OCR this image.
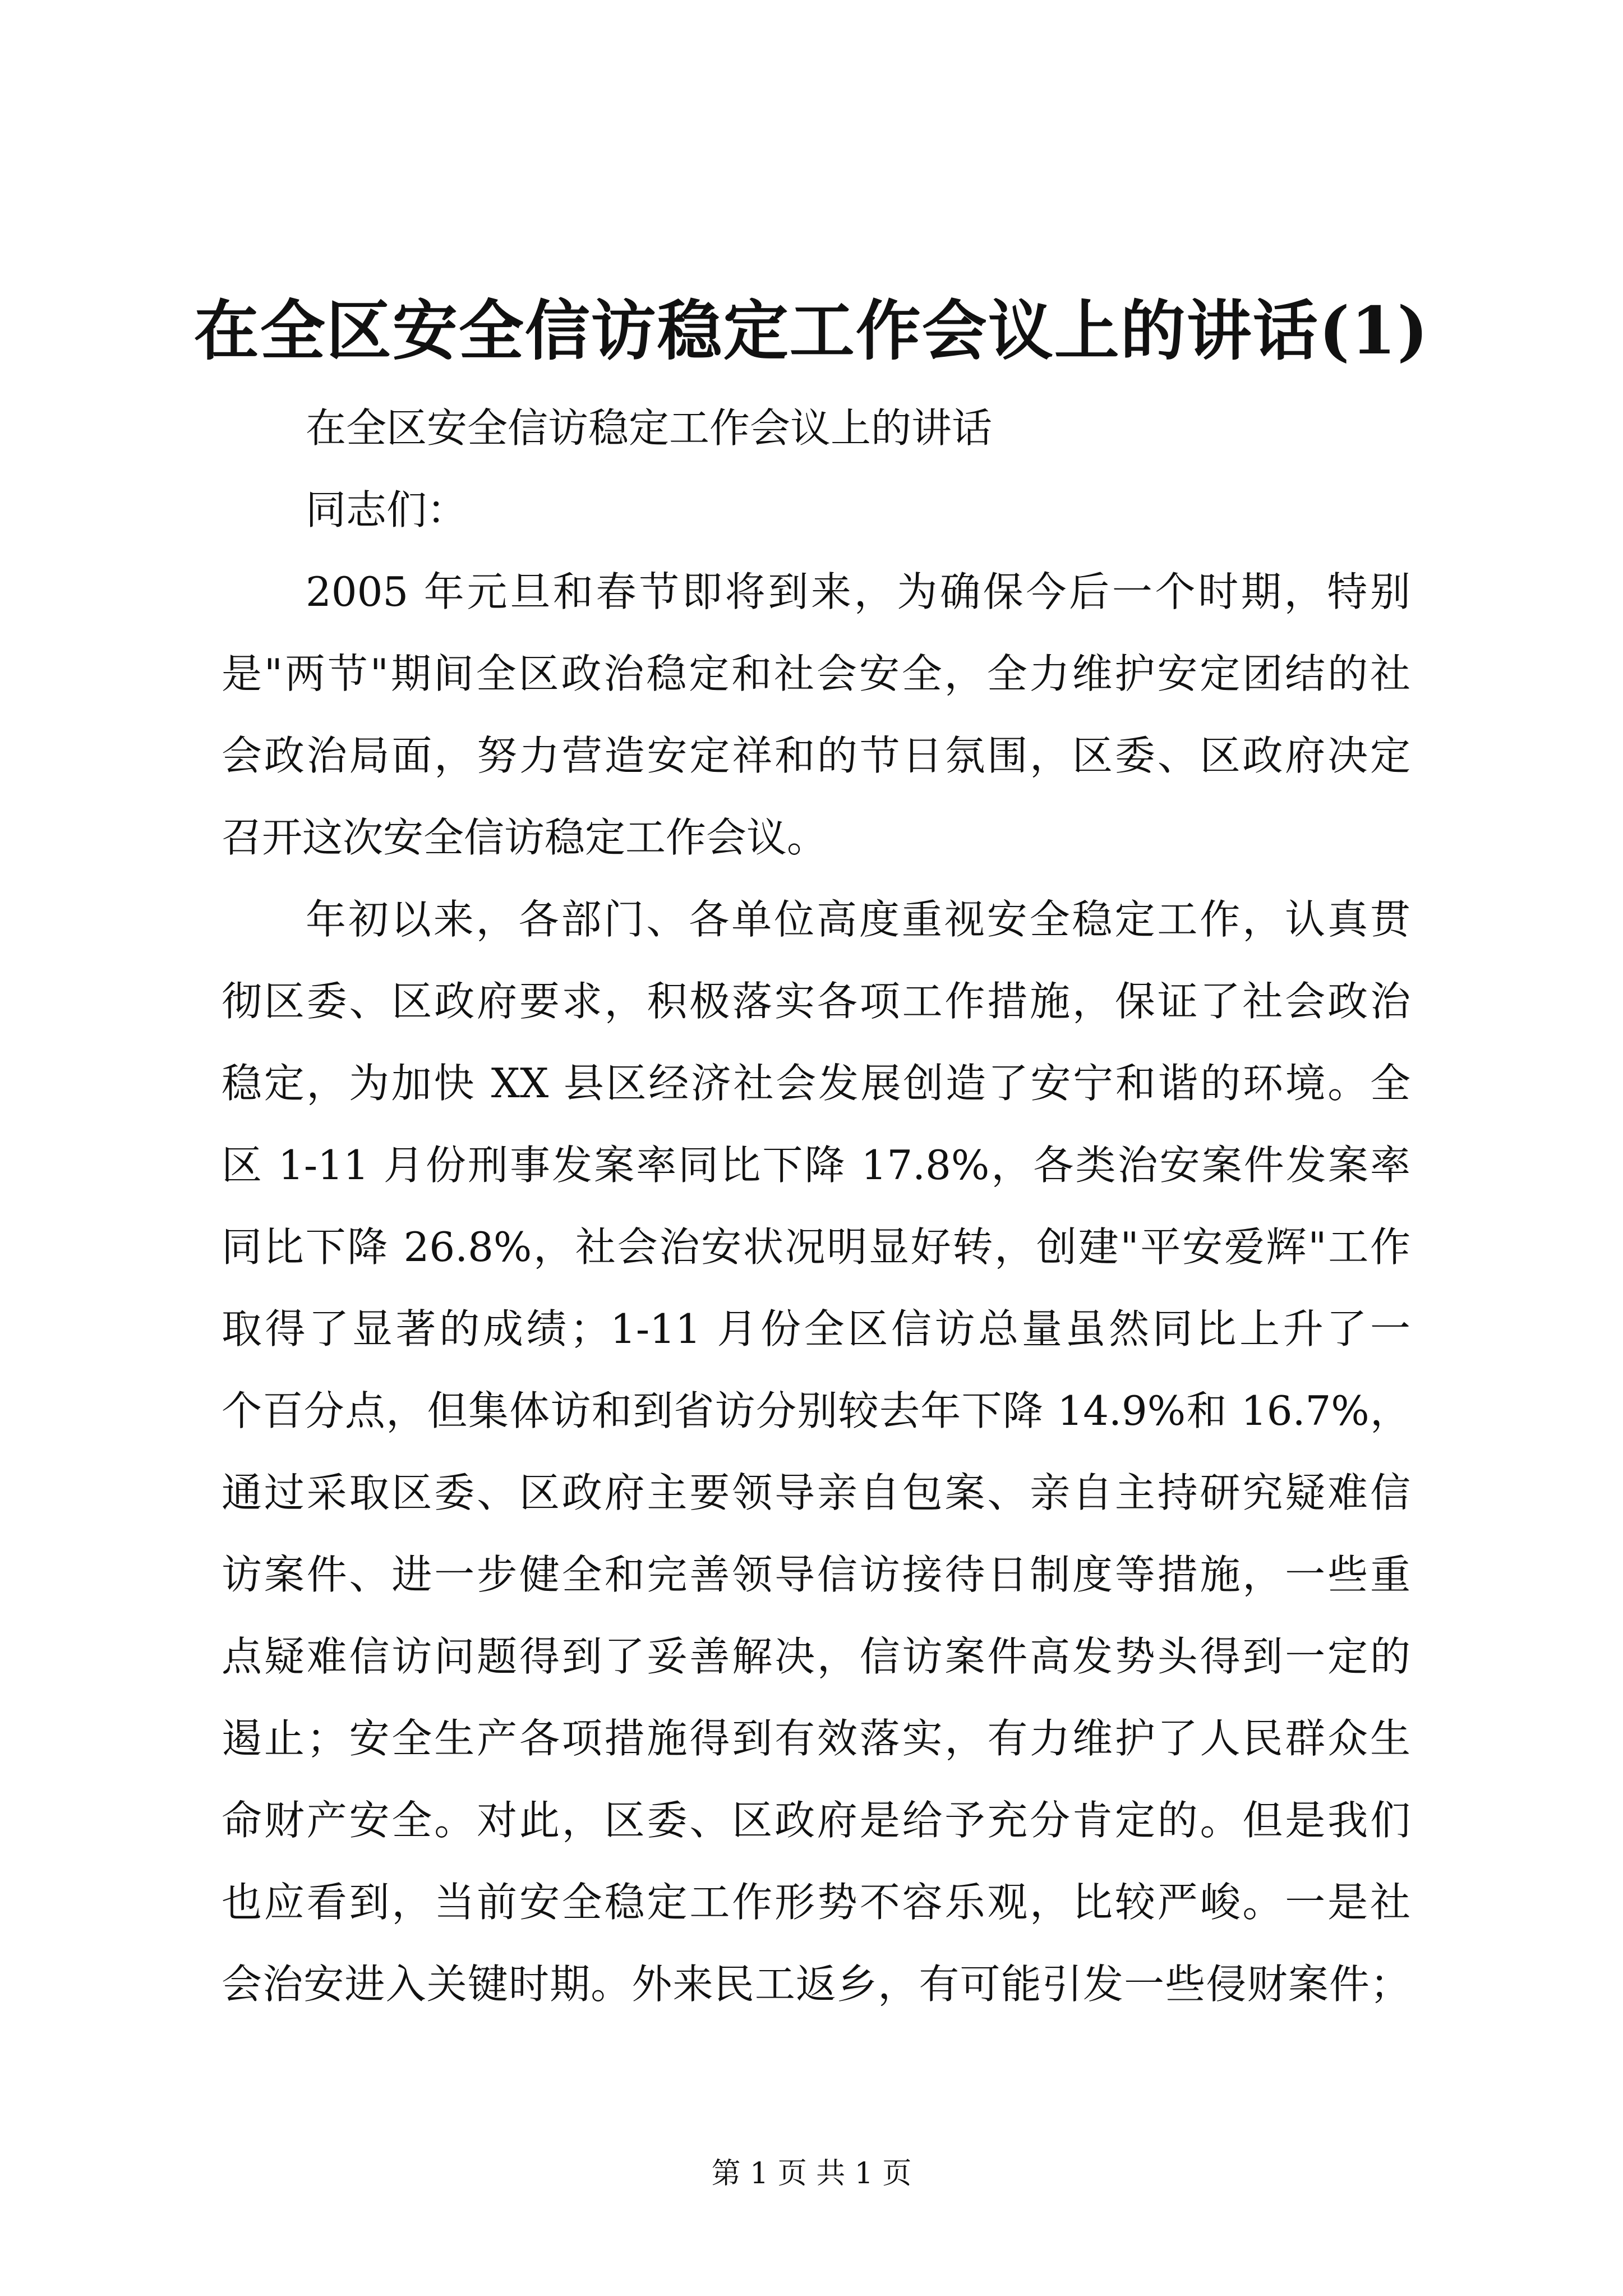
在全区安全信访稳定工作会议上的讲话(1)
在全区安全信访稳定工作会议上的讲话
同志们：
2005 年元旦和春节即将到来，为确保今后一个时期，特别
是"两节"期间全区政治稳定和社会安全，全力维护安定团结的社
会政治局面，努力营造安定祥和的节日氛围，区委、区政府决定
召开这次安全信访稳定工作会议。
年初以来，各部门、各单位高度重视安全稳定工作，认真贯
彻区委、区政府要求，积极落实各项工作措施，保证了社会政治
稳定，为加快 XX 县区经济社会发展创造了安宁和谐的环境。全
区 1-11 月份刑事发案率同比下降 17.8%，各类治安案件发案率
同比下降 26.8%，社会治安状况明显好转，创建"平安爱辉"工作
取得了显著的成绩；1-11 月份全区信访总量虽然同比上升了一
个百分点，但集体访和到省访分别较去年下降 14.9%和 16.7%，
通过采取区委、区政府主要领导亲自包案、亲自主持研究疑难信
访案件、进一步健全和完善领导信访接待日制度等措施，一些重
点疑难信访问题得到了妥善解决，信访案件高发势头得到一定的
遏止；安全生产各项措施得到有效落实，有力维护了人民群众生
命财产安全。对此，区委、区政府是给予充分肯定的。但是我们
也应看到，当前安全稳定工作形势不容乐观，比较严峻。一是社
会治安进入关键时期。外来民工返乡，有可能引发一些侵财案件；
第 1 页 共 1 页
